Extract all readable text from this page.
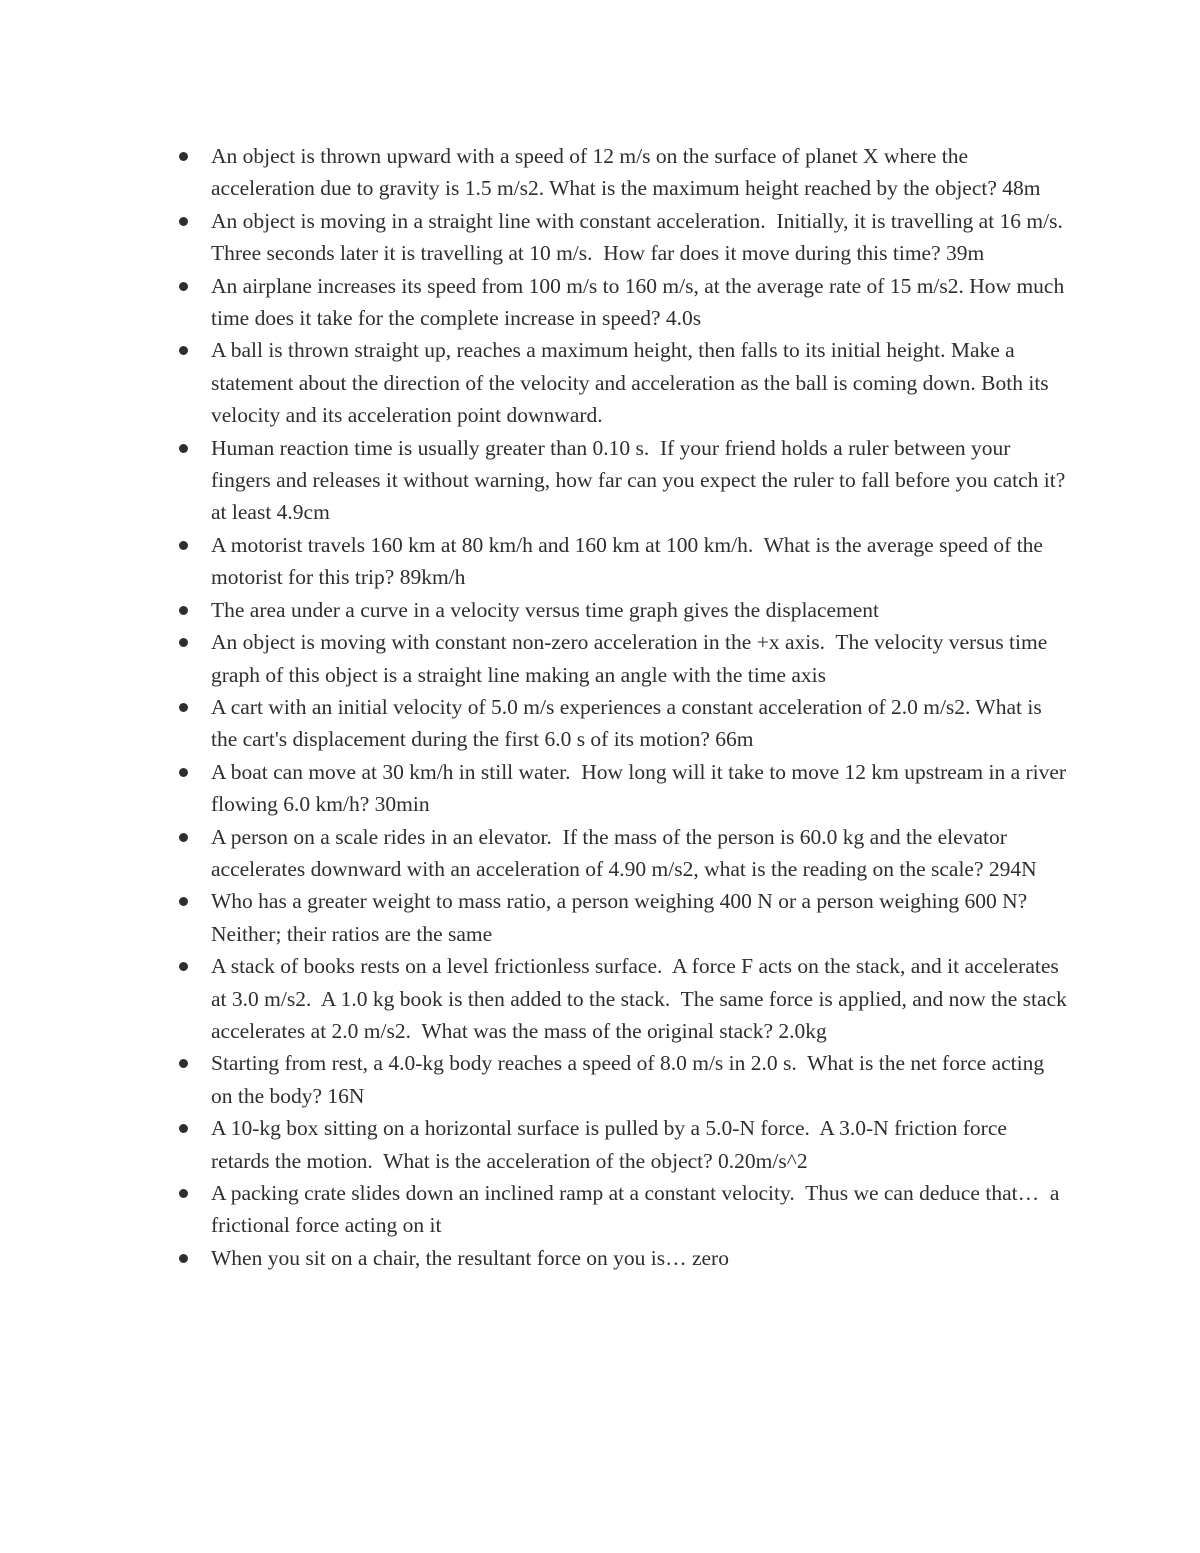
An object is thrown upward with a speed of 12 m/s on the surface of planet X where the acceleration due to gravity is 1.5 m/s2. What is the maximum height reached by the object? 48m
An object is moving in a straight line with constant acceleration.  Initially, it is travelling at 16 m/s.   Three seconds later it is travelling at 10 m/s.  How far does it move during this time? 39m
An airplane increases its speed from 100 m/s to 160 m/s, at the average rate of 15 m/s2. How much time does it take for the complete increase in speed? 4.0s
A ball is thrown straight up, reaches a maximum height, then falls to its initial height. Make a statement about the direction of the velocity and acceleration as the ball is coming down. Both its velocity and its acceleration point downward.
Human reaction time is usually greater than 0.10 s.  If your friend holds a ruler between your fingers and releases it without warning, how far can you expect the ruler to fall before you catch it? at least 4.9cm
A motorist travels 160 km at 80 km/h and 160 km at 100 km/h.  What is the average speed of the motorist for this trip? 89km/h
The area under a curve in a velocity versus time graph gives the displacement
An object is moving with constant non-zero acceleration in the +x axis.  The velocity versus time graph of this object is a straight line making an angle with the time axis
A cart with an initial velocity of 5.0 m/s experiences a constant acceleration of 2.0 m/s2. What is the cart's displacement during the first 6.0 s of its motion? 66m
A boat can move at 30 km/h in still water.  How long will it take to move 12 km upstream in a river flowing 6.0 km/h? 30min
A person on a scale rides in an elevator.  If the mass of the person is 60.0 kg and the elevator accelerates downward with an acceleration of 4.90 m/s2, what is the reading on the scale? 294N
Who has a greater weight to mass ratio, a person weighing 400 N or a person weighing 600 N? Neither; their ratios are the same
A stack of books rests on a level frictionless surface.  A force F acts on the stack, and it accelerates at 3.0 m/s2.  A 1.0 kg book is then added to the stack.  The same force is applied, and now the stack accelerates at 2.0 m/s2.  What was the mass of the original stack? 2.0kg
Starting from rest, a 4.0-kg body reaches a speed of 8.0 m/s in 2.0 s.  What is the net force acting on the body? 16N
A 10-kg box sitting on a horizontal surface is pulled by a 5.0-N force.  A 3.0-N friction force retards the motion.  What is the acceleration of the object? 0.20m/s^2
A packing crate slides down an inclined ramp at a constant velocity.  Thus we can deduce that…  a frictional force acting on it
When you sit on a chair, the resultant force on you is… zero
